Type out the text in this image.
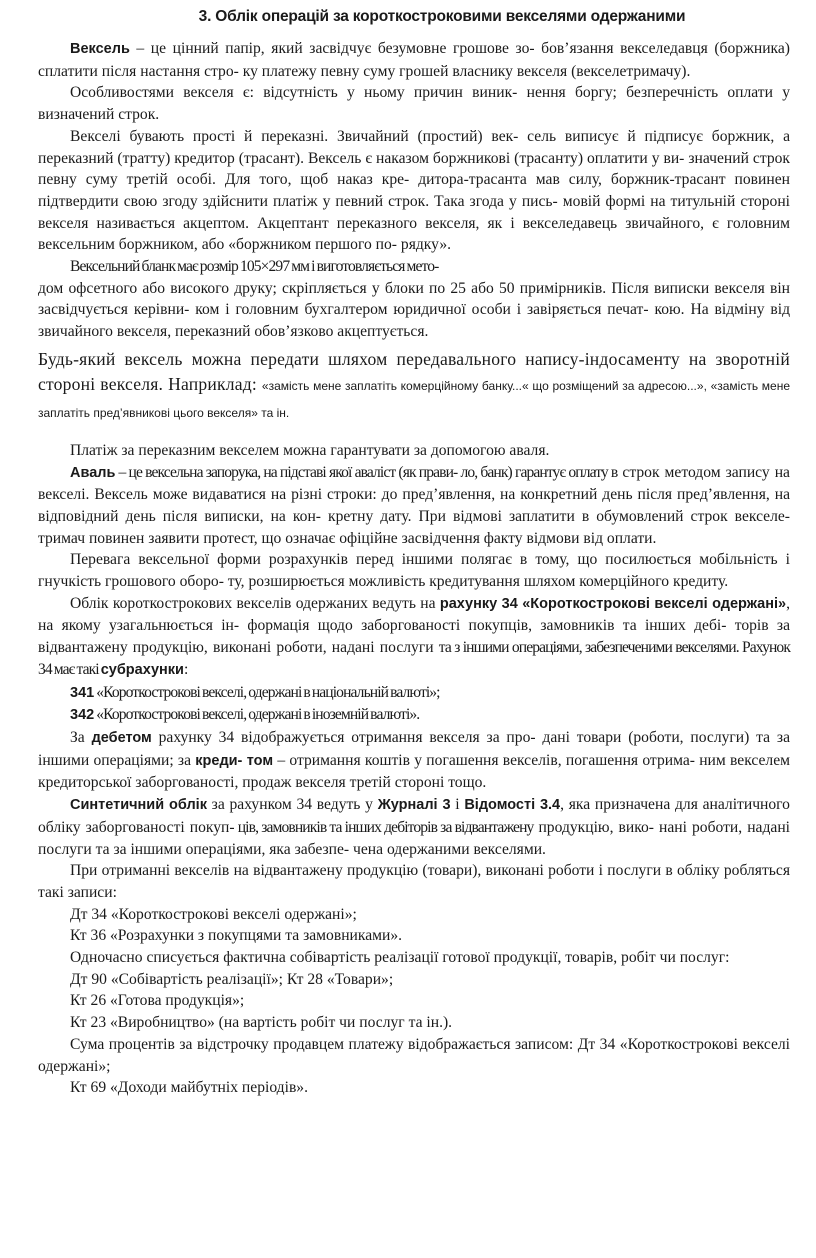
3. Облік операцій за короткостроковими векселями одержаними

Вексель – це цінний папір, який засвідчує безумовне грошове зо- бов’язання векселедавця (боржника) сплатити після настання стро- ку платежу певну суму грошей власнику векселя (векселетримачу).

Особливостями векселя є: відсутність у ньому причин виник- нення боргу; безперечність оплати у визначений строк.

Векселі бувають прості й переказні. Звичайний (простий) век- сель виписує й підписує боржник, а переказний (тратту) кредитор (трасант). Вексель є наказом боржникові (трасанту) оплатити у ви- значений строк певну суму третій особі. Для того, щоб наказ кре- дитора-трасанта мав силу, боржник-трасант повинен підтвердити свою згоду здійснити платіж у певний строк. Така згода у пись- мовій формі на титульній стороні векселя називається акцептом. Акцептант переказного векселя, як і векселедавець звичайного, є головним вексельним боржником, або «боржником першого по- рядку».

Вексельний бланк має розмір 105×297 мм і виготовляється мето-

дом офсетного або високого друку; скріпляється у блоки по 25 або 50 примірників. Після виписки векселя він засвідчується керівни- ком і головним бухгалтером юридичної особи і завіряється печат- кою. На відміну від звичайного векселя, переказний обов’язково акцептується.

Будь-який вексель можна передати шляхом передавального напису-індосаменту на зворотній стороні векселя. Наприклад: «замість мене заплатіть комерційному банку...« що розміщений за адресою...», «замість мене заплатіть пред’явникові цього векселя» та ін.

Платіж за переказним векселем можна гарантувати за допомогою аваля.

Аваль – це вексельна запорука, на підставі якої аваліст (як прави- ло, банк) гарантує оплату в строк методом запису на векселі. Вексель може видаватися на різні строки: до пред’явлення, на конкретний день після пред’явлення, на відповідний день після виписки, на кон- кретну дату. При відмові заплатити в обумовлений строк векселе- тримач повинен заявити протест, що означає офіційне засвідчення факту відмови від оплати.

Перевага вексельної форми розрахунків перед іншими полягає в тому, що посилюється мобільність і гнучкість грошового оборо- ту, розширюється можливість кредитування шляхом комерційного кредиту.

Облік короткострокових векселів одержаних ведуть на рахунку 34 «Короткострокові векселі одержані», на якому узагальнюється ін- формація щодо заборгованості покупців, замовників та інших дебі- торів за відвантажену продукцію, виконані роботи, надані послуги та з іншими операціями, забезпеченими векселями. Рахунок 34 має такі субрахунки:

341 «Короткострокові векселі, одержані в національній валюті»;

342 «Короткострокові векселі, одержані в іноземній валюті».

За дебетом рахунку 34 відображується отримання векселя за про- дані товари (роботи, послуги) та за іншими операціями; за креди- том – отримання коштів у погашення векселів, погашення отрима- ним векселем кредиторської заборгованості, продаж векселя третій стороні тощо.

Синтетичний облік за рахунком 34 ведуть у Журналі 3 і Відомості 3.4, яка призначена для аналітичного обліку заборгованості покуп- ців, замовників та інших дебіторів за відвантажену продукцію, вико- нані роботи, надані послуги та за іншими операціями, яка забезпе- чена одержаними векселями.

При отриманні векселів на відвантажену продукцію (товари), виконані роботи і послуги в обліку робляться такі записи:

Дт 34 «Короткострокові векселі одержані»;

Кт 36 «Розрахунки з покупцями та замовниками».

Одночасно списується фактична собівартість реалізації готової продукції, товарів, робіт чи послуг:

Дт 90 «Собівартість реалізації»; Кт 28 «Товари»;

Кт 26 «Готова продукція»;

Кт 23 «Виробництво» (на вартість робіт чи послуг та ін.).

Сума процентів за відстрочку продавцем платежу відображається записом: Дт 34 «Короткострокові векселі одержані»;

Кт 69 «Доходи майбутніх періодів».
